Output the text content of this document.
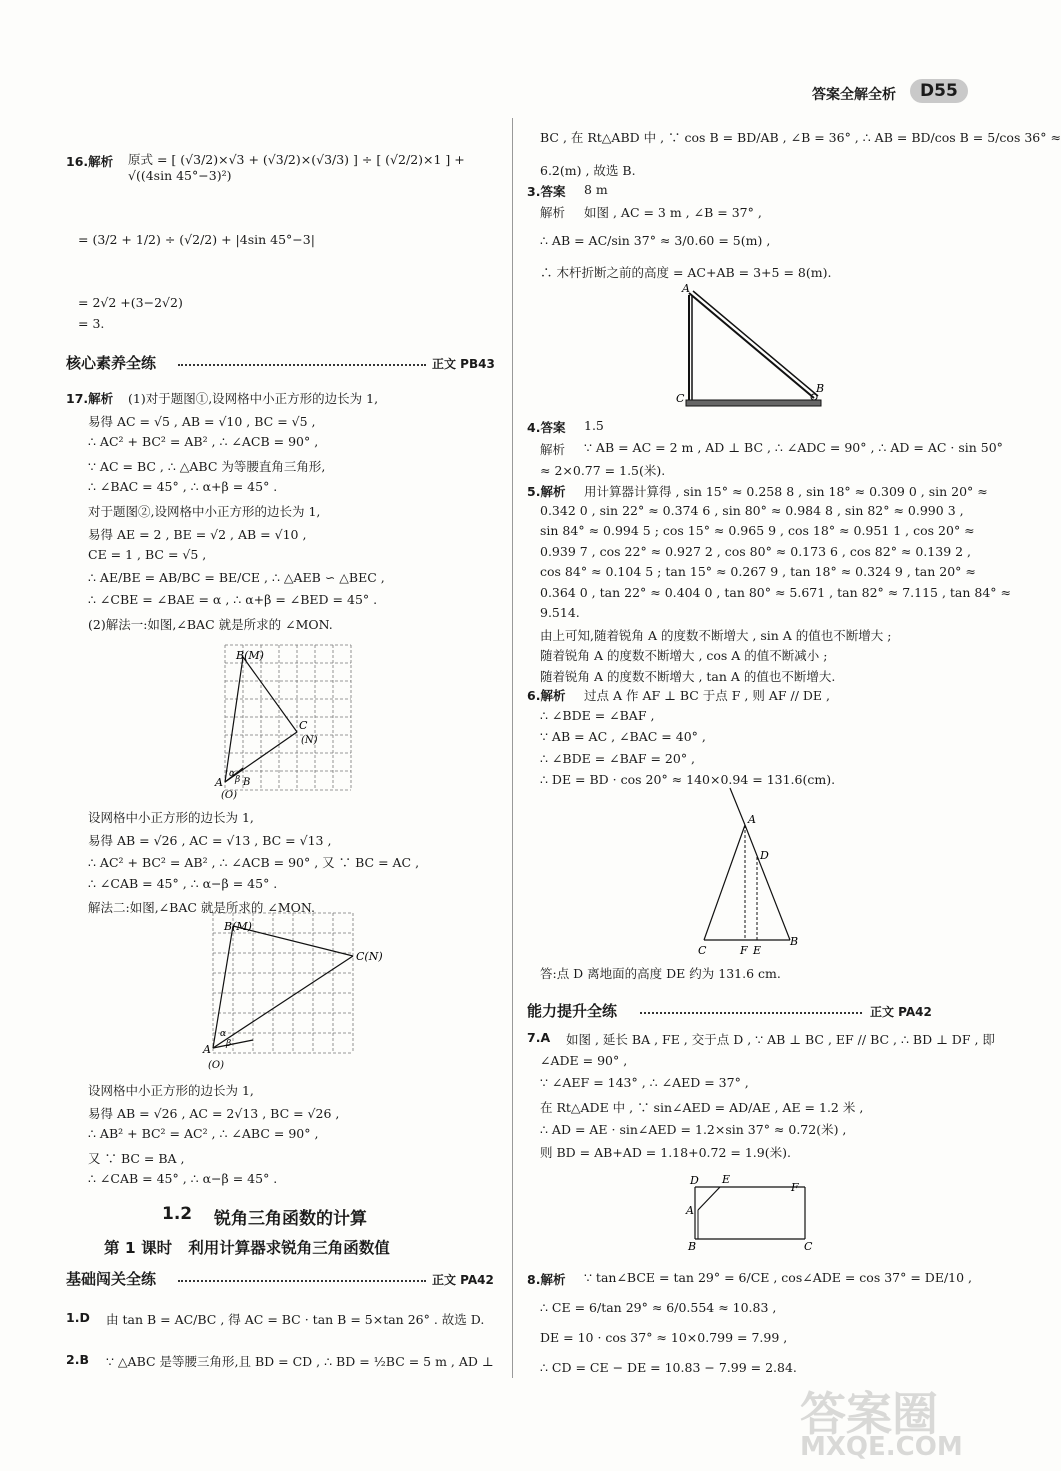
答案全解全析	D55
16.解析 原式 = [ (√3/2)×√3 + (√3/2)×(√3/3) ] ÷ [ (√2/2)×1 ] + √((4sin 45°−3)²)
= (3/2 + 1/2) ÷ (√2/2) + |4sin 45°−3|
= 2√2 +(3−2√2)
= 3.
核心素养全练	正文 PB43
17.解析 (1)对于题图①,设网格中小正方形的边长为 1,
易得 AC = √5 , AB = √10 , BC = √5 ,
∴ AC² + BC² = AB² , ∴ ∠ACB = 90° ,
∵ AC = BC , ∴ △ABC 为等腰直角三角形,
∴ ∠BAC = 45° , ∴ α+β = 45° .
对于题图②,设网格中小正方形的边长为 1,
易得 AE = 2 , BE = √2 , AB = √10 ,
CE = 1 , BC = √5 ,
∴ AE/BE = AB/BC = BE/CE , ∴ △AEB ∽ △BEC ,
∴ ∠CBE = ∠BAE = α , ∴ α+β = ∠BED = 45° .
(2)解法一:如图,∠BAC 就是所求的 ∠MON.
B(M)
C
(N)
A
(O)
α
β B
设网格中小正方形的边长为 1,
易得 AB = √26 , AC = √13 , BC = √13 ,
∴ AC² + BC² = AB² , ∴ ∠ACB = 90° , 又 ∵ BC = AC ,
∴ ∠CAB = 45° , ∴ α−β = 45° .
解法二:如图,∠BAC 就是所求的 ∠MON.
B(M)
C(N)
A
(O)
α
β
设网格中小正方形的边长为 1,
易得 AB = √26 , AC = 2√13 , BC = √26 ,
∴ AB² + BC² = AC² , ∴ ∠ABC = 90° ,
又 ∵ BC = BA ,
∴ ∠CAB = 45° , ∴ α−β = 45° .
1.2 锐角三角函数的计算
第 1 课时   利用计算器求锐角三角函数值
基础闯关全练	正文 PA42
1.D 由 tan B = AC/BC , 得 AC = BC · tan B = 5×tan 26° . 故选 D.
2.B ∵ △ABC 是等腰三角形,且 BD = CD , ∴ BD = ½BC = 5 m , AD ⊥
BC , 在 Rt△ABD 中 , ∵ cos B = BD/AB , ∠B = 36° , ∴ AB = BD/cos B = 5/cos 36° ≈
6.2(m) , 故选 B.
3.答案 8 m
解析 如图 , AC = 3 m , ∠B = 37° ,
∴ AB = AC/sin 37° ≈ 3/0.60 = 5(m) ,
∴ 木杆折断之前的高度 = AC+AB = 3+5 = 8(m).
A
B
C
4.答案 1.5
解析 ∵ AB = AC = 2 m , AD ⊥ BC , ∴ ∠ADC = 90° , ∴ AD = AC · sin 50°
≈ 2×0.77 = 1.5(米).
5.解析 用计算器计算得 , sin 15° ≈ 0.258 8 , sin 18° ≈ 0.309 0 , sin 20° ≈
0.342 0 , sin 22° ≈ 0.374 6 , sin 80° ≈ 0.984 8 , sin 82° ≈ 0.990 3 ,
sin 84° ≈ 0.994 5 ; cos 15° ≈ 0.965 9 , cos 18° ≈ 0.951 1 , cos 20° ≈
0.939 7 , cos 22° ≈ 0.927 2 , cos 80° ≈ 0.173 6 , cos 82° ≈ 0.139 2 ,
cos 84° ≈ 0.104 5 ; tan 15° ≈ 0.267 9 , tan 18° ≈ 0.324 9 , tan 20° ≈
0.364 0 , tan 22° ≈ 0.404 0 , tan 80° ≈ 5.671 , tan 82° ≈ 7.115 , tan 84° ≈
9.514.
由上可知,随着锐角 A 的度数不断增大 , sin A 的值也不断增大 ;
随着锐角 A 的度数不断增大 , cos A 的值不断减小 ;
随着锐角 A 的度数不断增大 , tan A 的值也不断增大.
6.解析 过点 A 作 AF ⊥ BC 于点 F , 则 AF // DE ,
∴ ∠BDE = ∠BAF ,
∵ AB = AC , ∠BAC = 40° ,
∴ ∠BDE = ∠BAF = 20° ,
∴ DE = BD · cos 20° ≈ 140×0.94 = 131.6(cm).
A
D
C	F E
B
答:点 D 离地面的高度 DE 约为 131.6 cm.
能力提升全练	正文 PA42
7.A 如图 , 延长 BA , FE , 交于点 D , ∵ AB ⊥ BC , EF // BC , ∴ BD ⊥ DF , 即
∠ADE = 90° ,
∵ ∠AEF = 143° , ∴ ∠AED = 37° ,
在 Rt△ADE 中 , ∵ sin∠AED = AD/AE , AE = 1.2 米 ,
∴ AD = AE · sin∠AED = 1.2×sin 37° ≈ 0.72(米) ,
则 BD = AB+AD = 1.18+0.72 = 1.9(米).
D E
F
A
B	C
8.解析 ∵ tan∠BCE = tan 29° = 6/CE , cos∠ADE = cos 37° = DE/10 ,
∴ CE = 6/tan 29° ≈ 6/0.554 ≈ 10.83 ,
DE = 10 · cos 37° ≈ 10×0.799 = 7.99 ,
∴ CD = CE − DE = 10.83 − 7.99 = 2.84.
答案圈
MXQE.COM
